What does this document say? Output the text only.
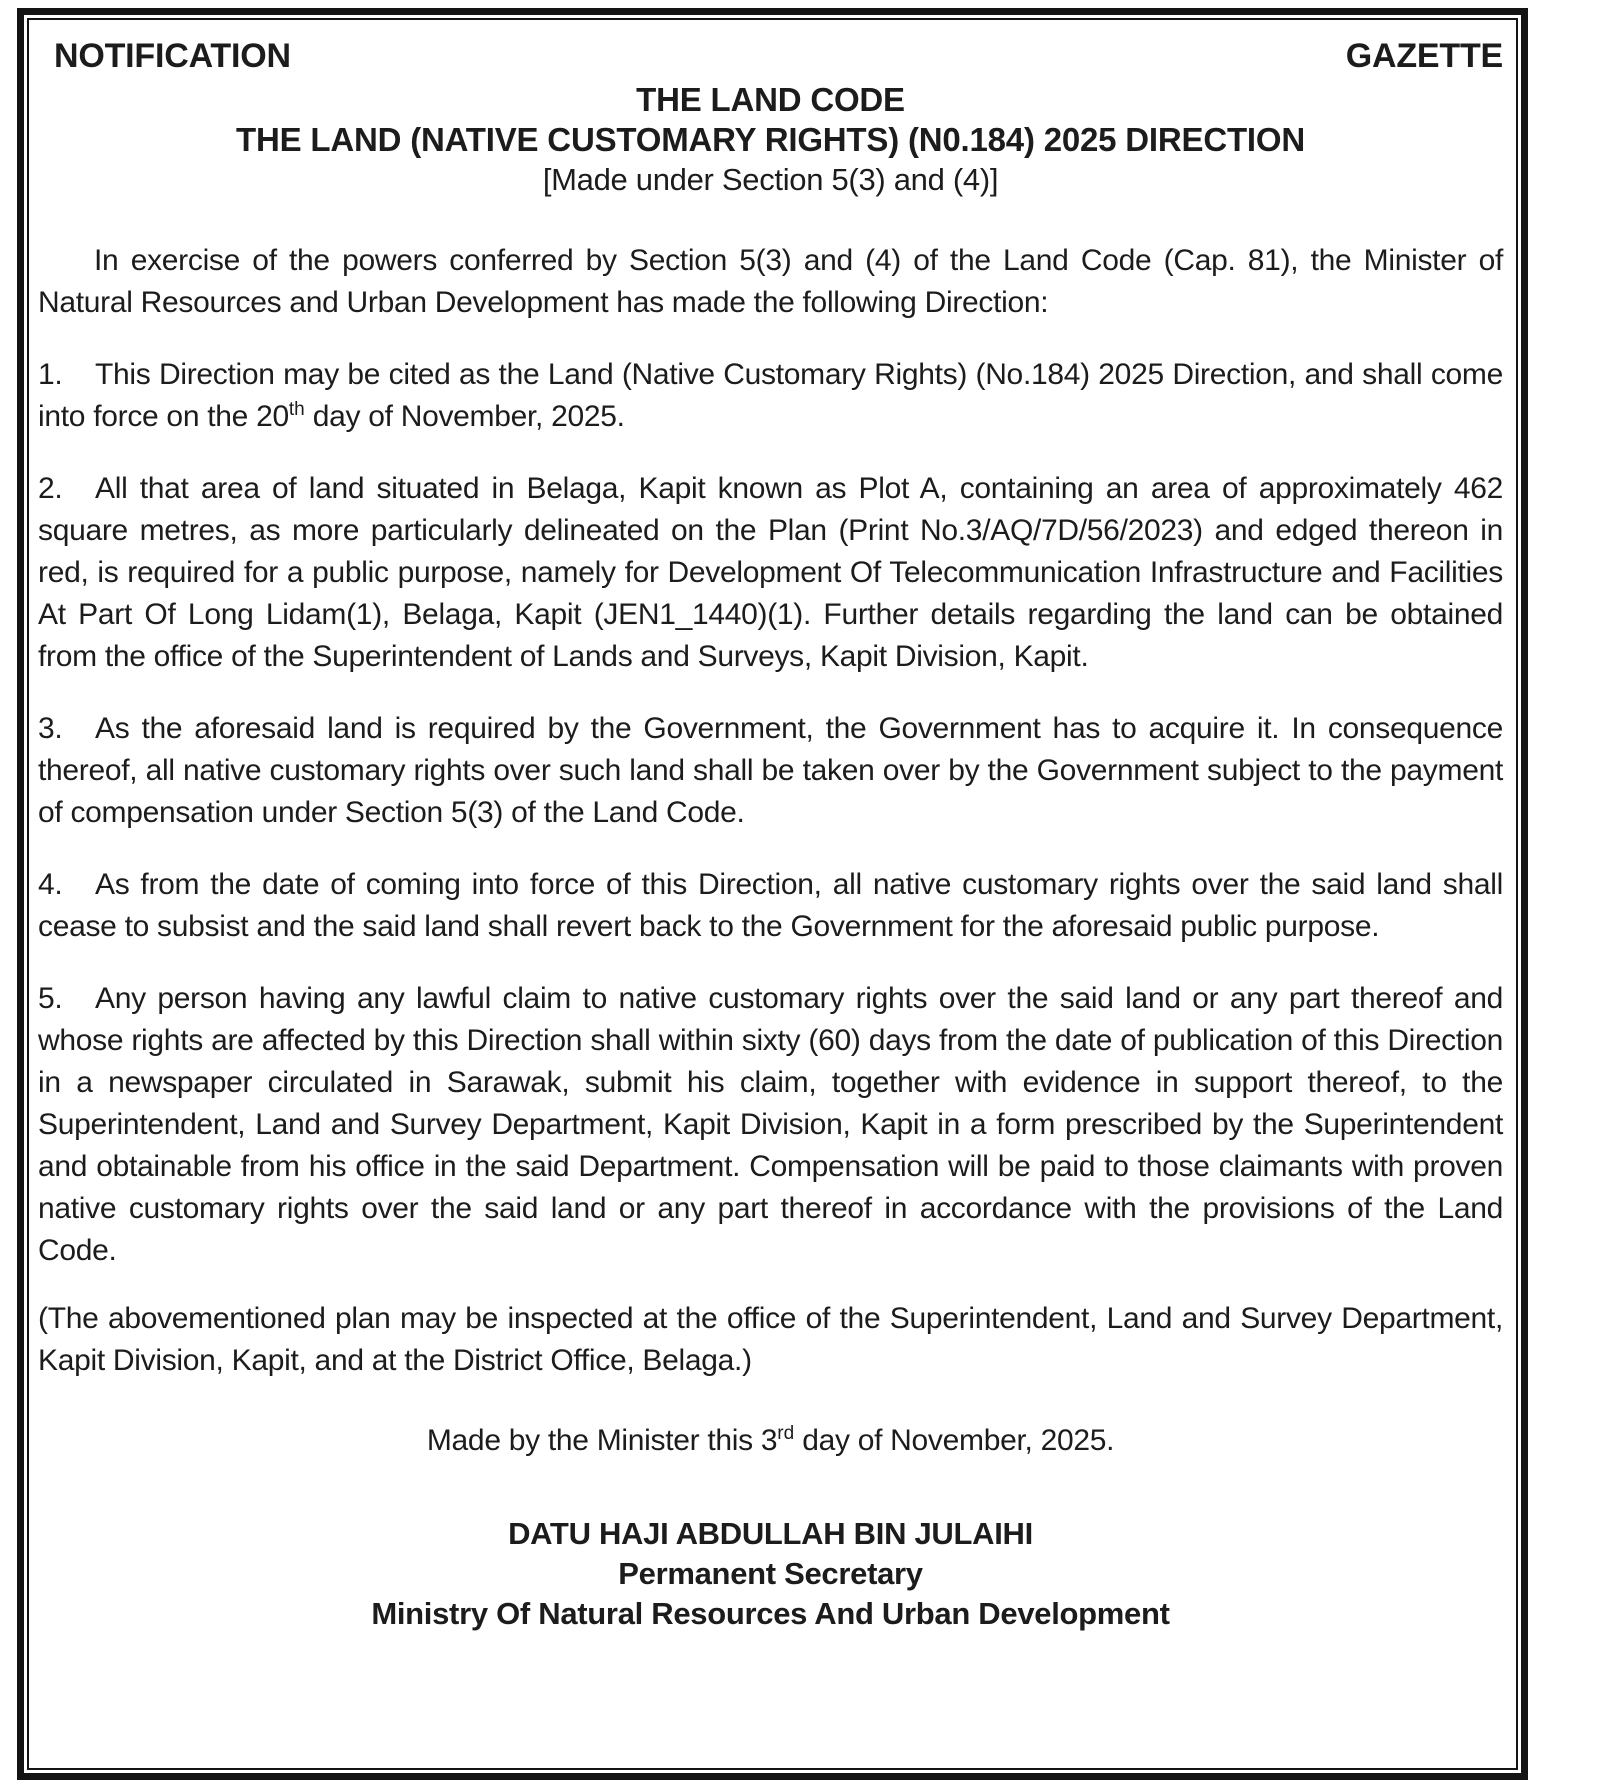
NOTIFICATION	GAZETTE
THE LAND CODE
THE LAND (NATIVE CUSTOMARY RIGHTS) (N0.184) 2025 DIRECTION
[Made under Section 5(3) and (4)]

In exercise of the powers conferred by Section 5(3) and (4) of the Land Code (Cap. 81), the Minister of Natural Resources and Urban Development has made the following Direction:

1. This Direction may be cited as the Land (Native Customary Rights) (No.184) 2025 Direction, and shall come into force on the 20th day of November, 2025.

2. All that area of land situated in Belaga, Kapit known as Plot A, containing an area of approximately 462 square metres, as more particularly delineated on the Plan (Print No.3/AQ/7D/56/2023) and edged thereon in red, is required for a public purpose, namely for Development Of Telecommunication Infrastructure and Facilities At Part Of Long Lidam(1), Belaga, Kapit (JEN1_1440)(1). Further details regarding the land can be obtained from the office of the Superintendent of Lands and Surveys, Kapit Division, Kapit.

3. As the aforesaid land is required by the Government, the Government has to acquire it. In consequence thereof, all native customary rights over such land shall be taken over by the Government subject to the payment of compensation under Section 5(3) of the Land Code.

4. As from the date of coming into force of this Direction, all native customary rights over the said land shall cease to subsist and the said land shall revert back to the Government for the aforesaid public purpose.

5. Any person having any lawful claim to native customary rights over the said land or any part thereof and whose rights are affected by this Direction shall within sixty (60) days from the date of publication of this Direction in a newspaper circulated in Sarawak, submit his claim, together with evidence in support thereof, to the Superintendent, Land and Survey Department, Kapit Division, Kapit in a form prescribed by the Superintendent and obtainable from his office in the said Department. Compensation will be paid to those claimants with proven native customary rights over the said land or any part thereof in accordance with the provisions of the Land Code.

(The abovementioned plan may be inspected at the office of the Superintendent, Land and Survey Department, Kapit Division, Kapit, and at the District Office, Belaga.)

Made by the Minister this 3rd day of November, 2025.

DATU HAJI ABDULLAH BIN JULAIHI
Permanent Secretary
Ministry Of Natural Resources And Urban Development
